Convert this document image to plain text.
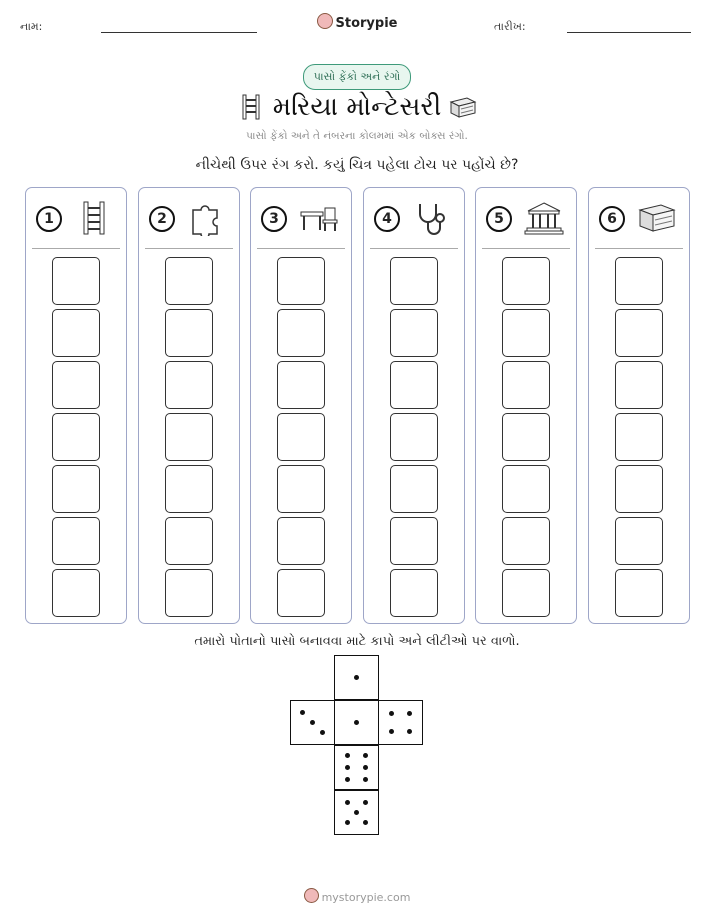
નામ:	Storypie	તારીખ:
પાસો ફેંકો અને રંગો
મરિયા મોન્ટેસરી
પાસો ફેંકો અને તે નંબરના કોલમમાં એક બોક્સ રંગો.
નીચેથી ઉપર રંગ કરો. કયું ચિત્ર પહેલા ટોચ પર પહોંચે છે?
1	2	3	4	5	6
તમારો પોતાનો પાસો બનાવવા માટે કાપો અને લીટીઓ પર વાળો.
mystorypie.com
